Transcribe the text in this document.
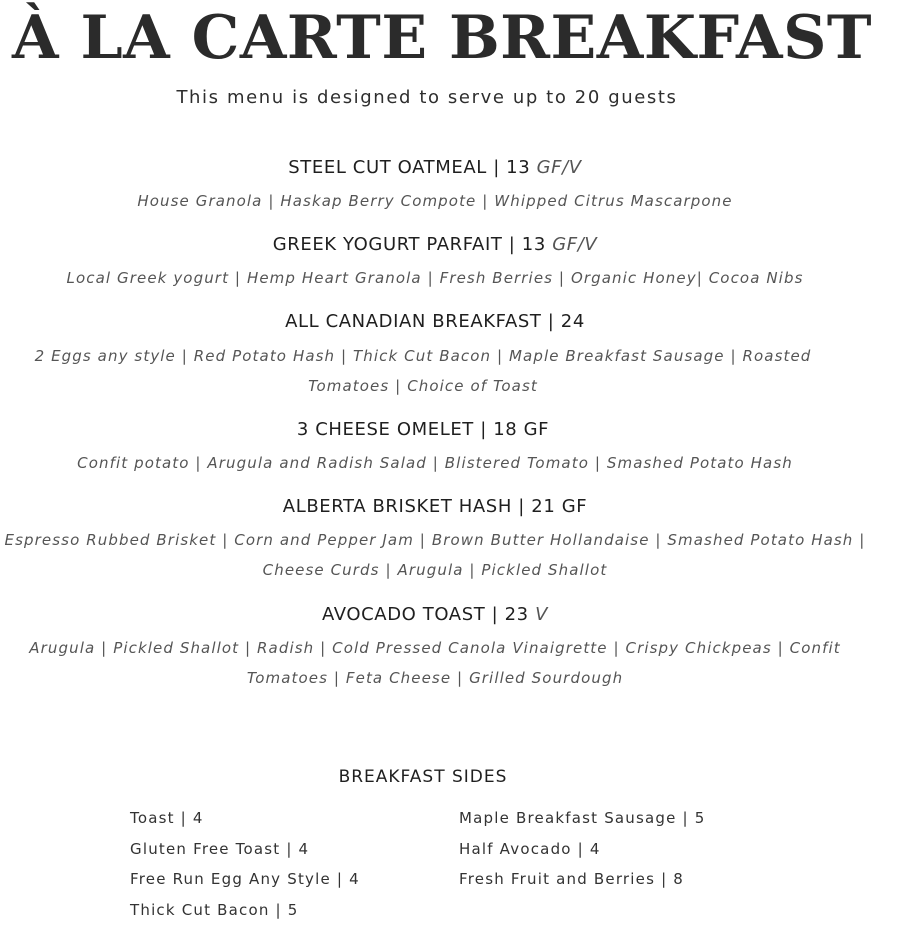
À LA CARTE BREAKFAST

This menu is designed to serve up to 20 guests

STEEL CUT OATMEAL | 13 GF/V

House Granola | Haskap Berry Compote | Whipped Citrus Mascarpone

GREEK YOGURT PARFAIT | 13 GF/V

Local Greek yogurt | Hemp Heart Granola | Fresh Berries | Organic Honey| Cocoa Nibs

ALL CANADIAN BREAKFAST | 24

2 Eggs any style | Red Potato Hash | Thick Cut Bacon | Maple Breakfast Sausage | Roasted Tomatoes | Choice of Toast

3 CHEESE OMELET | 18 GF

Confit potato | Arugula and Radish Salad | Blistered Tomato | Smashed Potato Hash

ALBERTA BRISKET HASH | 21 GF

Espresso Rubbed Brisket | Corn and Pepper Jam | Brown Butter Hollandaise | Smashed Potato Hash | Cheese Curds | Arugula | Pickled Shallot

AVOCADO TOAST | 23 V

Arugula | Pickled Shallot | Radish | Cold Pressed Canola Vinaigrette | Crispy Chickpeas | Confit Tomatoes | Feta Cheese | Grilled Sourdough

BREAKFAST SIDES

Toast | 4
Gluten Free Toast | 4
Free Run Egg Any Style | 4
Thick Cut Bacon | 5
Maple Breakfast Sausage | 5
Half Avocado | 4
Fresh Fruit and Berries | 8
